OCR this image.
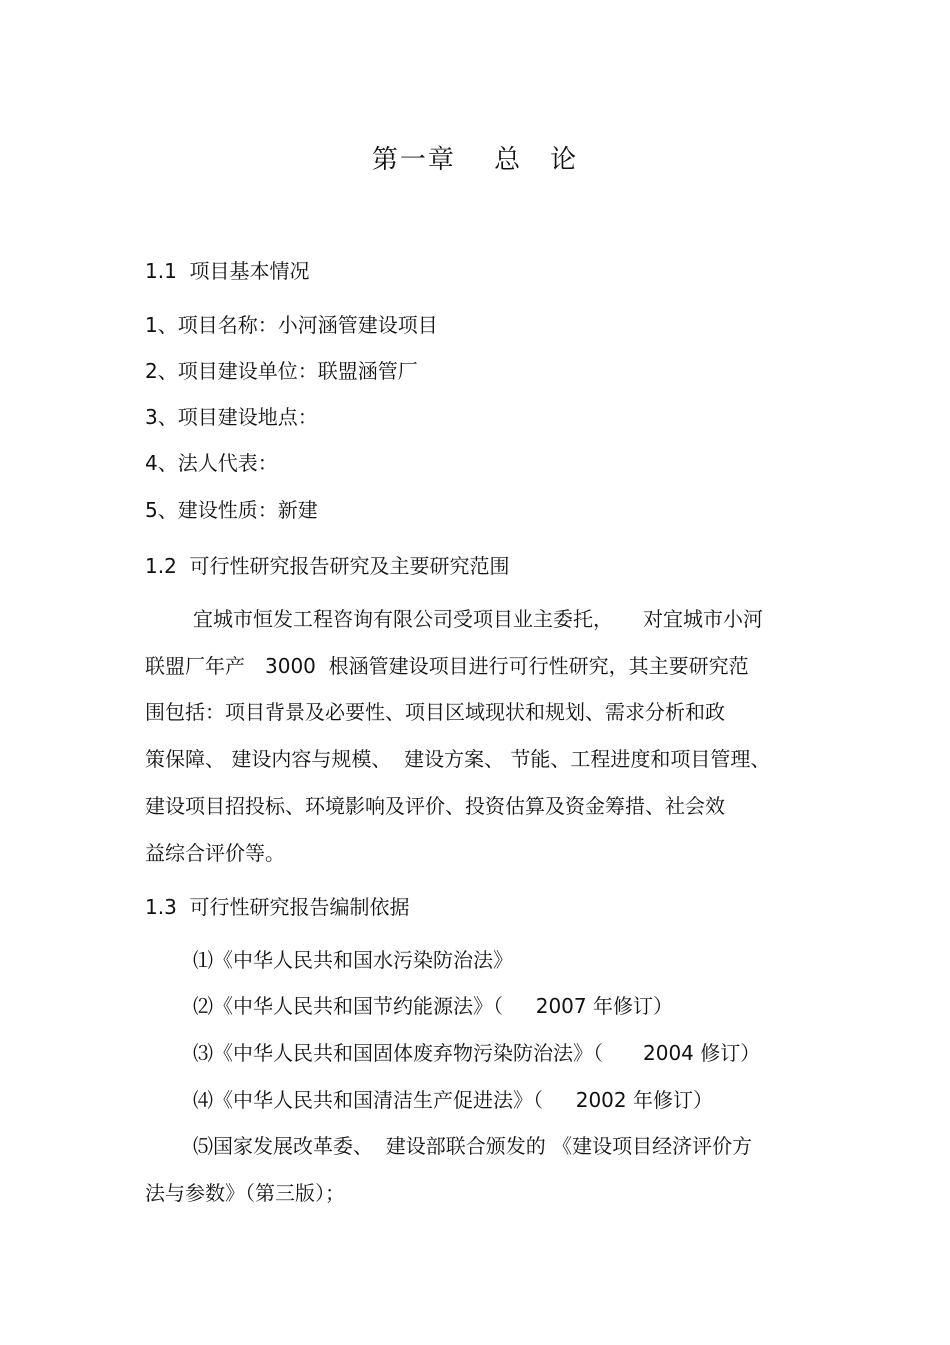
第一章　 总　论
1.1  项目基本情况
1、项目名称：小河涵管建设项目
2、项目建设单位：联盟涵管厂
3、项目建设地点：
4、法人代表：
5、建设性质：新建
1.2  可行性研究报告研究及主要研究范围
宜城市恒发工程咨询有限公司受项目业主委托，　　对宜城市小河
联盟厂年产　3000  根涵管建设项目进行可行性研究，其主要研究范
围包括：项目背景及必要性、项目区域现状和规划、需求分析和政
策保障、 建设内容与规模、  建设方案、 节能、工程进度和项目管理、
建设项目招投标、环境影响及评价、投资估算及资金筹措、社会效
益综合评价等。
1.3  可行性研究报告编制依据
⑴《中华人民共和国水污染防治法》
⑵《中华人民共和国节约能源法》（　  2007 年修订）
⑶《中华人民共和国固体废弃物污染防治法》（　　2004 修订）
⑷《中华人民共和国清洁生产促进法》（　  2002 年修订）
⑸国家发展改革委、  建设部联合颁发的 《建设项目经济评价方
法与参数》（第三版）；
